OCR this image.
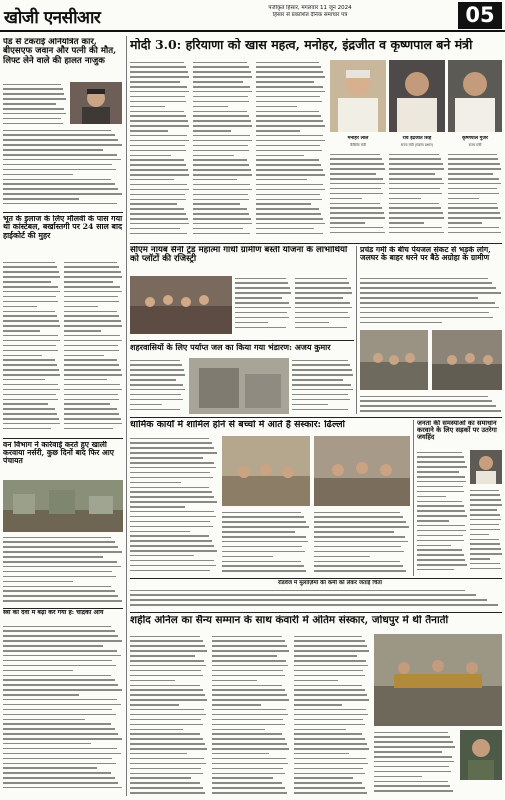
खोजी एनसीआर	पंजीकृत हिसार, मंगलवार 11 जून 2024
हिसार से प्रकाशित दैनिक समाचार पत्र	05
पेंड से टकराई अनियंत्रित कार, बीएसएफ जवान और पत्नी की मौत, लिफ्ट लेने वाले की हालत नाजुक
भूत के इलाज के लिए मौलवी के पास गया था कांस्टेबल, बर्खास्तगी पर 24 साल बाद हाईकोर्ट की मुहर
वन विभाग ने कार्रवाई करते हुए खाली करवाया नर्सरी, कुछ दिनों बाद फिर आए पंचायत
स्त्री को देवी मे बढ़ा कर गया है: चंद्रिका आर्य
मोदी 3.0: हरियाणा को खास महत्व, मनोहर, इंद्रजीत व कृष्णपाल बने मंत्री
मनोहर लाल
कैबिनेट मंत्री
राव इंद्रजीत सिंह
राज्य मंत्री (स्वतंत्र प्रभार)
कृष्णपाल गुर्जर
राज्य मंत्री
सीएम नायब सैनी ट्रेंड महात्मा गांधी ग्रामीण बस्ती योजना के लाभार्थियों को प्लॉटों की रजिस्ट्री
प्रचंड गर्मी के बीच पेयजल संकट से भड़के लोग, जलघर के बाहर धरने पर बैठे अग्रोहा के ग्रामीण
शहरवासियों के लिए पर्याप्त जल का किया गया भंडारण: अजय कुमार
धार्मिक कार्यों में शामिल होने से बच्चों में आते हैं संस्कार: ढिल्लो	जनता की समस्याओं का समाधान करवाने के लिए सड़कों पर उतरेगा जयहिंद
रोडवेज में मुलाज़िमों की कमी को लेकर जताई चिंता
शहीद अनिल का सैन्य सम्मान के साथ कंवारी में अंतिम संस्कार, जोधपुर में थी तैनाती
